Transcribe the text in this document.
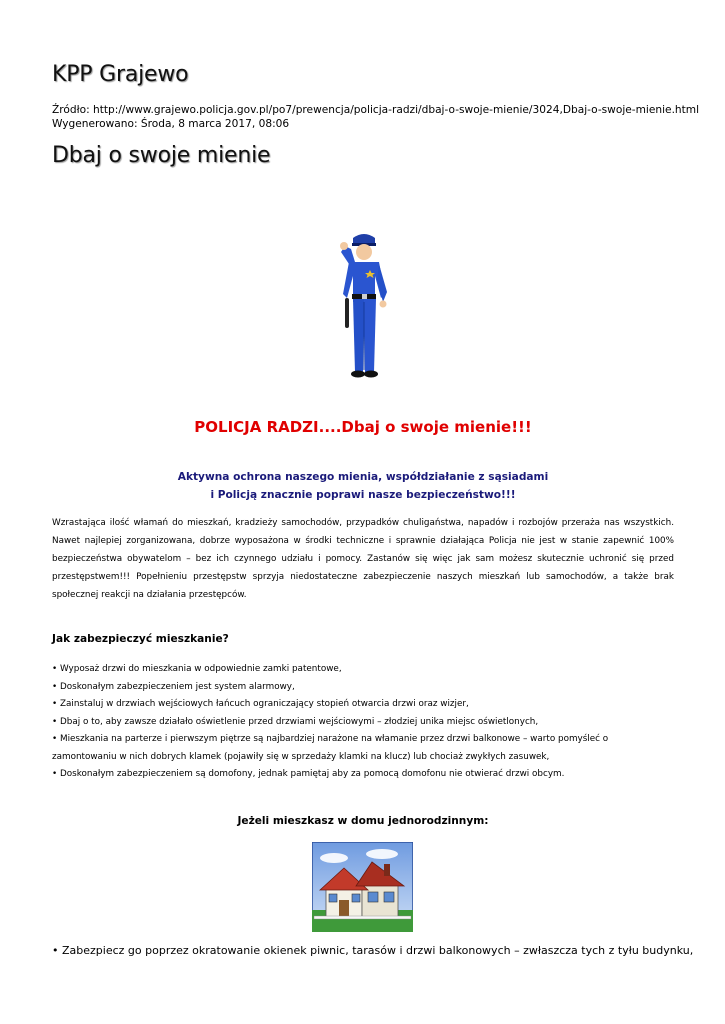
KPP Grajewo
Źródło: http://www.grajewo.policja.gov.pl/po7/prewencja/policja-radzi/dbaj-o-swoje-mienie/3024,Dbaj-o-swoje-mienie.html
Wygenerowano: Środa, 8 marca 2017, 08:06
Dbaj o swoje mienie
POLICJA RADZI....Dbaj o swoje mienie!!!
Aktywna ochrona naszego mienia, współdziałanie z sąsiadami
i Policją znacznie poprawi nasze bezpieczeństwo!!!
Wzrastająca ilość włamań do mieszkań, kradzieży samochodów, przypadków chuligaństwa, napadów i rozbojów przeraża nas wszystkich. Nawet najlepiej zorganizowana, dobrze wyposażona w środki techniczne i sprawnie działająca Policja nie jest w stanie zapewnić 100% bezpieczeństwa obywatelom – bez ich czynnego udziału i pomocy. Zastanów się więc jak sam możesz skutecznie uchronić się przed przestępstwem!!! Popełnieniu przestępstw sprzyja niedostateczne zabezpieczenie naszych mieszkań lub samochodów, a także brak społecznej reakcji na działania przestępców.
Jak zabezpieczyć mieszkanie?
• Wyposaż drzwi do mieszkania w odpowiednie zamki patentowe,
• Doskonałym zabezpieczeniem jest system alarmowy,
• Zainstaluj w drzwiach wejściowych łańcuch ograniczający stopień otwarcia drzwi oraz wizjer,
• Dbaj o to, aby zawsze działało oświetlenie przed drzwiami wejściowymi – złodziej unika miejsc oświetlonych,
• Mieszkania na parterze i pierwszym piętrze są najbardziej narażone na włamanie przez drzwi balkonowe – warto pomyśleć o zamontowaniu w nich dobrych klamek (pojawiły się w sprzedaży klamki na klucz) lub chociaż zwykłych zasuwek,
• Doskonałym zabezpieczeniem są domofony, jednak pamiętaj aby za pomocą domofonu nie otwierać drzwi obcym.
Jeżeli mieszkasz w domu jednorodzinnym:
• Zabezpiecz go poprzez okratowanie okienek piwnic, tarasów i drzwi balkonowych – zwłaszcza tych z tyłu budynku,
